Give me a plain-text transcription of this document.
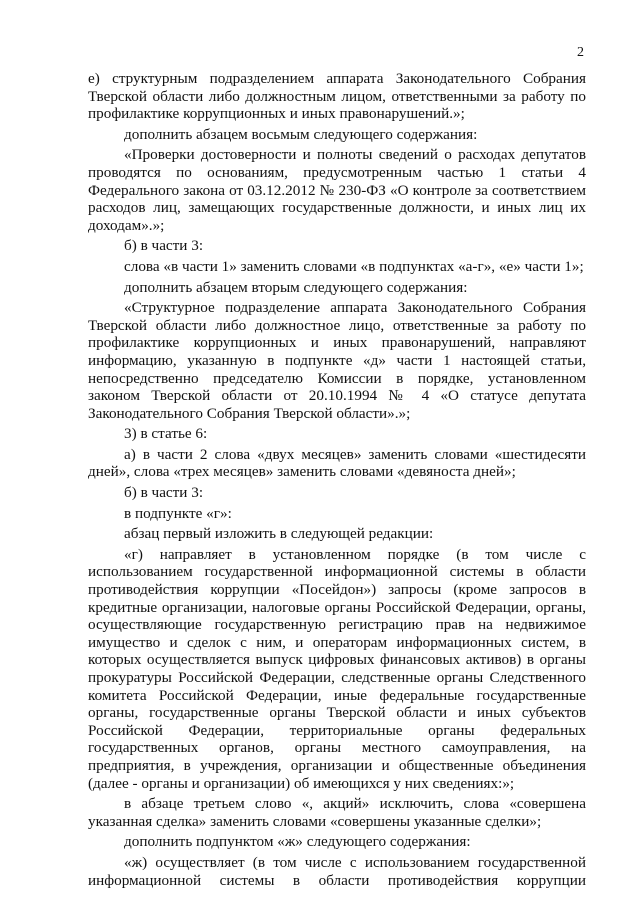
2

е) структурным подразделением аппарата Законодательного Собрания Тверской области либо должностным лицом, ответственными за работу по профилактике коррупционных и иных правонарушений.»;

дополнить абзацем восьмым следующего содержания:

«Проверки достоверности и полноты сведений о расходах депутатов проводятся по основаниям, предусмотренным частью 1 статьи 4 Федерального закона от 03.12.2012 № 230-ФЗ «О контроле за соответствием расходов лиц, замещающих государственные должности, и иных лиц их доходам».»;

б) в части 3:

слова «в части 1» заменить словами «в подпунктах «а-г», «е» части 1»;

дополнить абзацем вторым следующего содержания:

«Структурное подразделение аппарата Законодательного Собрания Тверской области либо должностное лицо, ответственные за работу по профилактике коррупционных и иных правонарушений, направляют информацию, указанную в подпункте «д» части 1 настоящей статьи, непосредственно председателю Комиссии в порядке, установленном законом Тверской области от 20.10.1994 № 4 «О статусе депутата Законодательного Собрания Тверской области».»;

3) в статье 6:

а) в части 2 слова «двух месяцев» заменить словами «шестидесяти дней», слова «трех месяцев» заменить словами «девяноста дней»;

б) в части 3:

в подпункте «г»:

абзац первый изложить в следующей редакции:

«г) направляет в установленном порядке (в том числе с использованием государственной информационной системы в области противодействия коррупции «Посейдон») запросы (кроме запросов в кредитные организации, налоговые органы Российской Федерации, органы, осуществляющие государственную регистрацию прав на недвижимое имущество и сделок с ним, и операторам информационных систем, в которых осуществляется выпуск цифровых финансовых активов) в органы прокуратуры Российской Федерации, следственные органы Следственного комитета Российской Федерации, иные федеральные государственные органы, государственные органы Тверской области и иных субъектов Российской Федерации, территориальные органы федеральных государственных органов, органы местного самоуправления, на предприятия, в учреждения, организации и общественные объединения (далее - органы и организации) об имеющихся у них сведениях:»;

в абзаце третьем слово «, акций» исключить, слова «совершена указанная сделка» заменить словами «совершены указанные сделки»;

дополнить подпунктом «ж» следующего содержания:

«ж) осуществляет (в том числе с использованием государственной информационной системы в области противодействия коррупции
